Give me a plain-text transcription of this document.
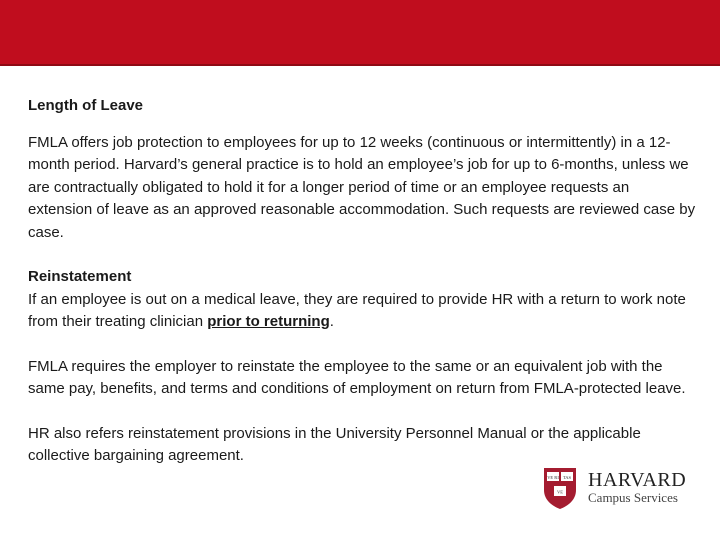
Length of Leave

FMLA offers job protection to employees for up to 12 weeks (continuous or intermittently) in a 12-month period. Harvard’s general practice is to hold an employee’s job for up to 6-months, unless we are contractually obligated to hold it for a longer period of time or an employee requests an extension of leave as an approved reasonable accommodation. Such requests are reviewed case by case.

Reinstatement

If an employee is out on a medical leave, they are required to provide HR with a return to work note from their treating clinician prior to returning.

FMLA requires the employer to reinstate the employee to the same or an equivalent job with the same pay, benefits, and terms and conditions of employment on return from FMLA-protected leave.

HR also refers reinstatement provisions in the University Personnel Manual or the applicable collective bargaining agreement.

VE RI TAS
VE
HARVARD
Campus Services
